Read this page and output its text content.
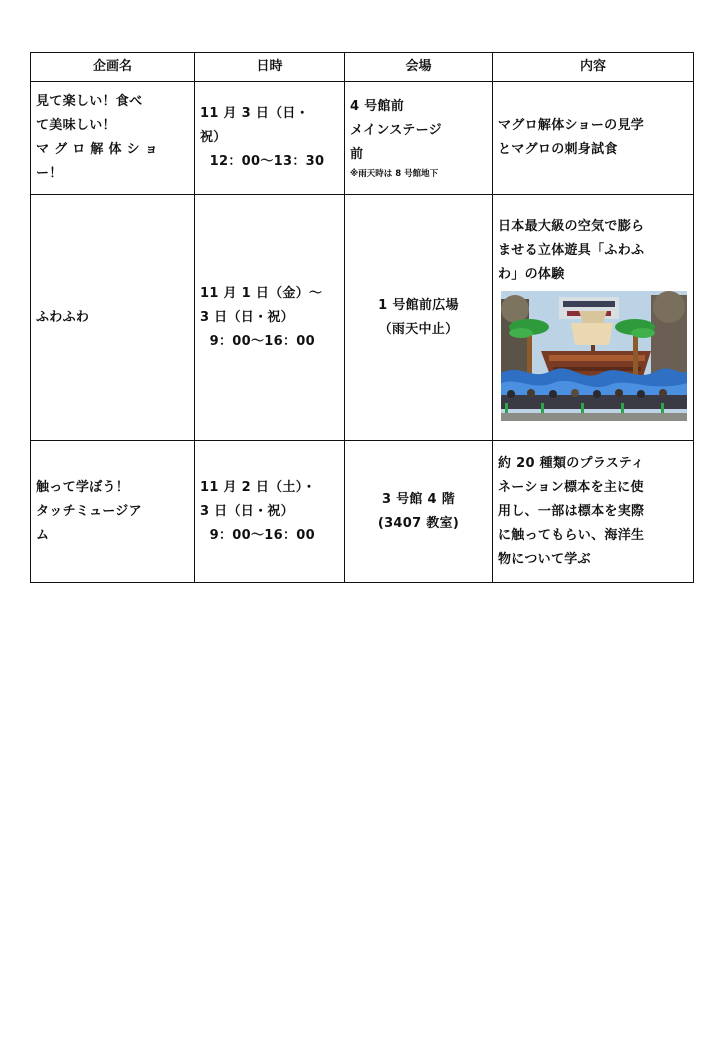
企画名	日時	会場	内容

見て楽しい！食べ
て美味しい！
マ グ ロ 解 体 シ ョ
ー！	11 月 3 日（日・
祝）
12：00～13：30	4 号館前
メインステージ
前
※雨天時は 8 号館地下	マグロ解体ショーの見学
とマグロの刺身試食

ふわふわ	11 月 1 日（金）～
3 日（日・祝）
9：00～16：00	1 号館前広場
（雨天中止）	日本最大級の空気で膨ら
ませる立体遊具「ふわふ
わ」の体験

触って学ぼう！
タッチミュージア
ム	11 月 2 日（土）・
3 日（日・祝）
9：00～16：00	3 号館 4 階
(3407 教室)	約 20 種類のプラスティ
ネーション標本を主に使
用し、一部は標本を実際
に触ってもらい、海洋生
物について学ぶ
